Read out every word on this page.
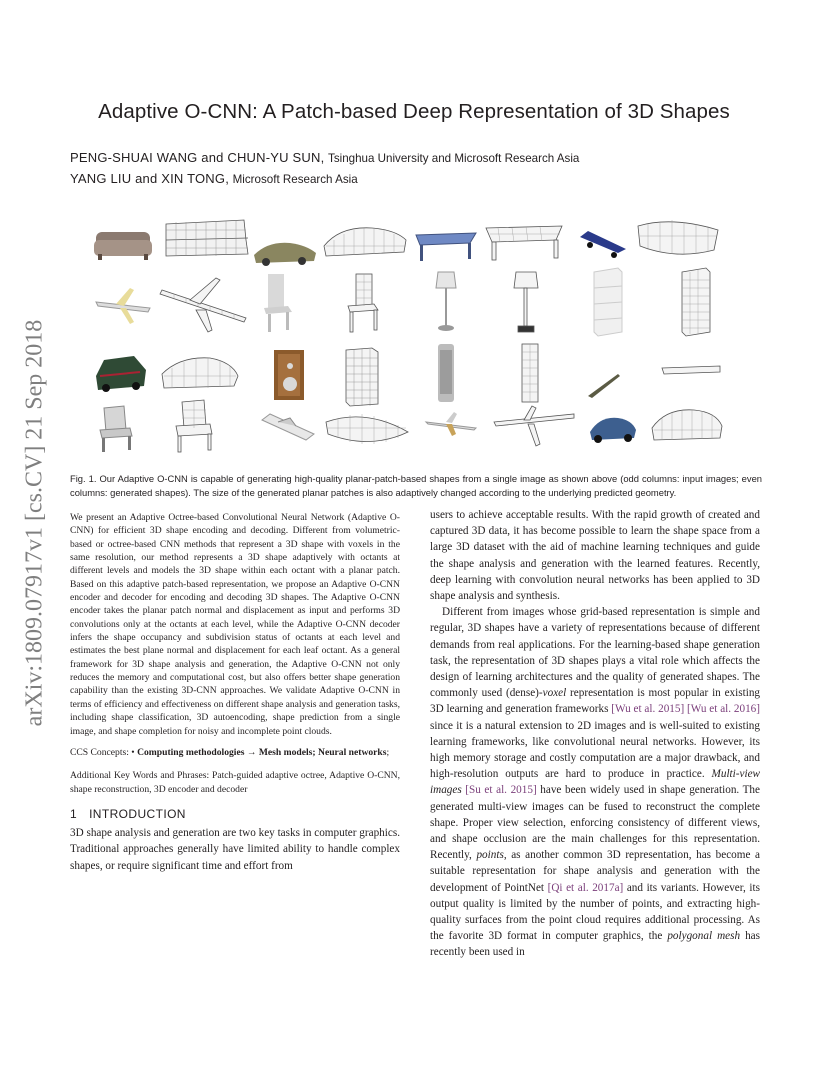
arXiv:1809.07917v1 [cs.CV] 21 Sep 2018
Adaptive O-CNN: A Patch-based Deep Representation of 3D Shapes
PENG-SHUAI WANG and CHUN-YU SUN, Tsinghua University and Microsoft Research Asia
YANG LIU and XIN TONG, Microsoft Research Asia

Fig. 1. Our Adaptive O-CNN is capable of generating high-quality planar-patch-based shapes from a single image as shown above (odd columns: input images; even columns: generated shapes). The size of the generated planar patches is also adaptively changed according to the underlying predicted geometry.

We present an Adaptive Octree-based Convolutional Neural Network (Adaptive O-CNN) for efficient 3D shape encoding and decoding. Different from volumetric-based or octree-based CNN methods that represent a 3D shape with voxels in the same resolution, our method represents a 3D shape adaptively with octants at different levels and models the 3D shape within each octant with a planar patch. Based on this adaptive patch-based representation, we propose an Adaptive O-CNN encoder and decoder for encoding and decoding 3D shapes. The Adaptive O-CNN encoder takes the planar patch normal and displacement as input and performs 3D convolutions only at the octants at each level, while the Adaptive O-CNN decoder infers the shape occupancy and subdivision status of octants at each level and estimates the best plane normal and displacement for each leaf octant. As a general framework for 3D shape analysis and generation, the Adaptive O-CNN not only reduces the memory and computational cost, but also offers better shape generation capability than the existing 3D-CNN approaches. We validate Adaptive O-CNN in terms of efficiency and effectiveness on different shape analysis and generation tasks, including shape classification, 3D autoencoding, shape prediction from a single image, and shape completion for noisy and incomplete point clouds.

CCS Concepts: • Computing methodologies → Mesh models; Neural networks;

Additional Key Words and Phrases: Patch-guided adaptive octree, Adaptive O-CNN, shape reconstruction, 3D encoder and decoder

1 INTRODUCTION

3D shape analysis and generation are two key tasks in computer graphics. Traditional approaches generally have limited ability to handle complex shapes, or require significant time and effort from

users to achieve acceptable results. With the rapid growth of created and captured 3D data, it has become possible to learn the shape space from a large 3D dataset with the aid of machine learning techniques and guide the shape analysis and generation with the learned features. Recently, deep learning with convolution neural networks has been applied to 3D shape analysis and synthesis.

Different from images whose grid-based representation is simple and regular, 3D shapes have a variety of representations because of different demands from real applications. For the learning-based shape generation task, the representation of 3D shapes plays a vital role which affects the design of learning architectures and the quality of generated shapes. The commonly used (dense)-voxel representation is most popular in existing 3D learning and generation frameworks [Wu et al. 2015] [Wu et al. 2016] since it is a natural extension to 2D images and is well-suited to existing learning frameworks, like convolutional neural networks. However, its high memory storage and costly computation are a major drawback, and high-resolution outputs are hard to produce in practice. Multi-view images [Su et al. 2015] have been widely used in shape generation. The generated multi-view images can be fused to reconstruct the complete shape. Proper view selection, enforcing consistency of different views, and shape occlusion are the main challenges for this representation. Recently, points, as another common 3D representation, has become a suitable representation for shape analysis and generation with the development of PointNet [Qi et al. 2017a] and its variants. However, its output quality is limited by the number of points, and extracting high-quality surfaces from the point cloud requires additional processing. As the favorite 3D format in computer graphics, the polygonal mesh has recently been used in
